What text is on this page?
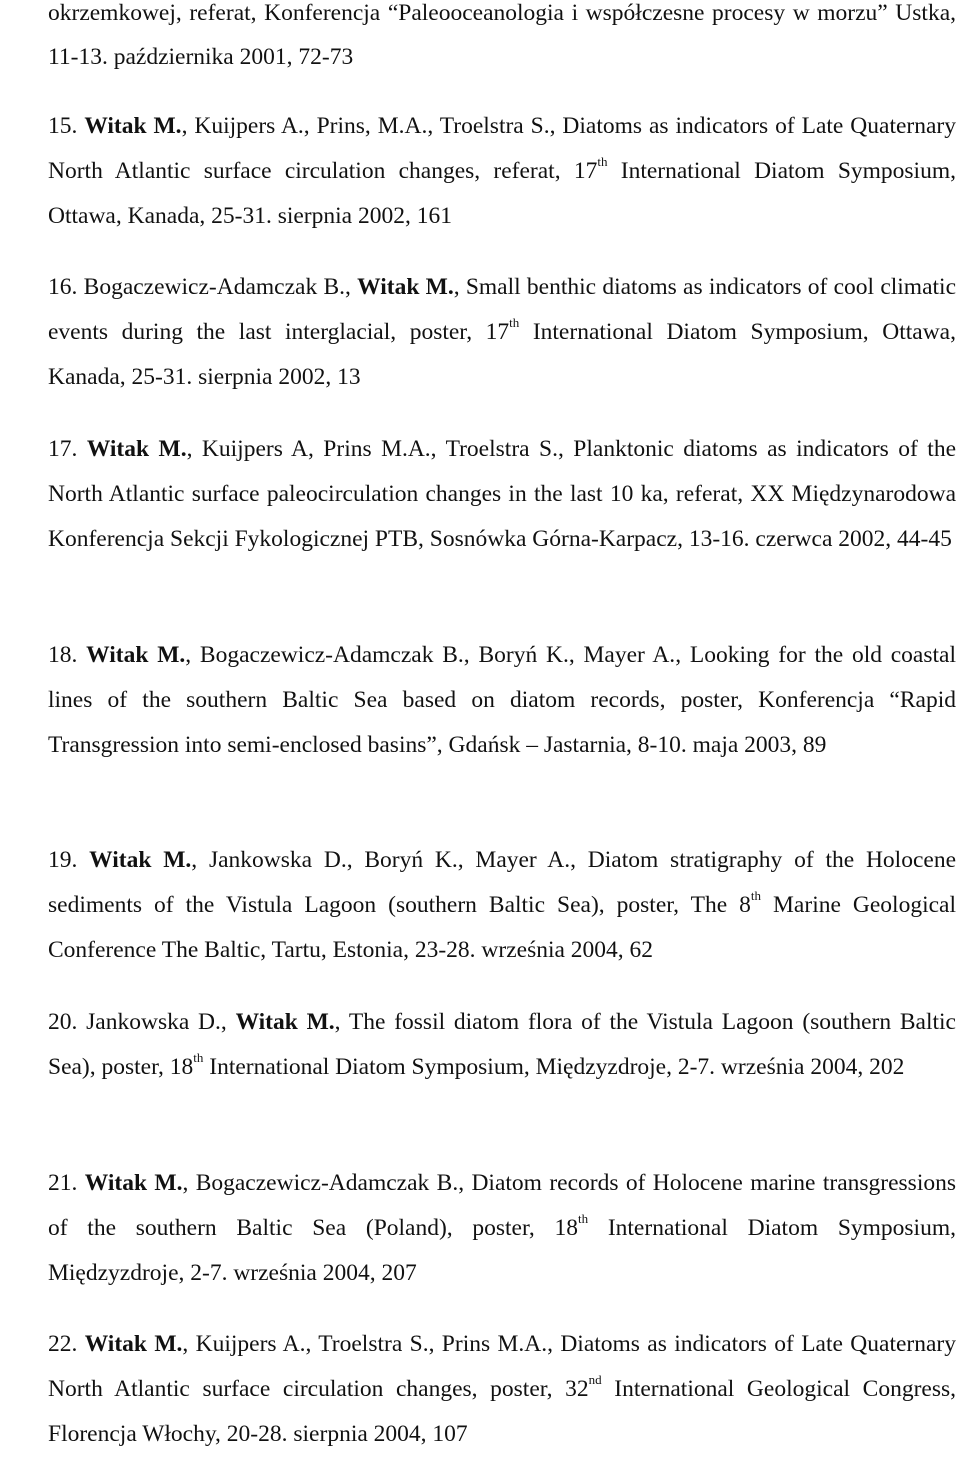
okrzemkowej, referat, Konferencja “Paleooceanologia i współczesne procesy w morzu” Ustka, 11-13. października 2001, 72-73

15. Witak M., Kuijpers A., Prins, M.A., Troelstra S., Diatoms as indicators of Late Quaternary North Atlantic surface circulation changes, referat, 17th International Diatom Symposium, Ottawa, Kanada, 25-31. sierpnia 2002, 161

16. Bogaczewicz-Adamczak B., Witak M., Small benthic diatoms as indicators of cool climatic events during the last interglacial, poster, 17th International Diatom Symposium, Ottawa, Kanada, 25-31. sierpnia 2002, 13

17. Witak M., Kuijpers A, Prins M.A., Troelstra S., Planktonic diatoms as indicators of the North Atlantic surface paleocirculation changes in the last 10 ka, referat, XX Międzynarodowa Konferencja Sekcji Fykologicznej PTB, Sosnówka Górna-Karpacz, 13-16. czerwca 2002, 44-45

18. Witak M., Bogaczewicz-Adamczak B., Boryń K., Mayer A., Looking for the old coastal lines of the southern Baltic Sea based on diatom records, poster, Konferencja “Rapid Transgression into semi-enclosed basins”, Gdańsk – Jastarnia, 8-10. maja 2003, 89

19. Witak M., Jankowska D., Boryń K., Mayer A., Diatom stratigraphy of the Holocene sediments of the Vistula Lagoon (southern Baltic Sea), poster, The 8th Marine Geological Conference The Baltic, Tartu, Estonia, 23-28. września 2004, 62

20. Jankowska D., Witak M., The fossil diatom flora of the Vistula Lagoon (southern Baltic Sea), poster, 18th International Diatom Symposium, Międzyzdroje, 2-7. września 2004, 202

21. Witak M., Bogaczewicz-Adamczak B., Diatom records of Holocene marine transgressions of the southern Baltic Sea (Poland), poster, 18th International Diatom Symposium, Międzyzdroje, 2-7. września 2004, 207

22. Witak M., Kuijpers A., Troelstra S., Prins M.A., Diatoms as indicators of Late Quaternary North Atlantic surface circulation changes, poster, 32nd International Geological Congress, Florencja Włochy, 20-28. sierpnia 2004, 107
